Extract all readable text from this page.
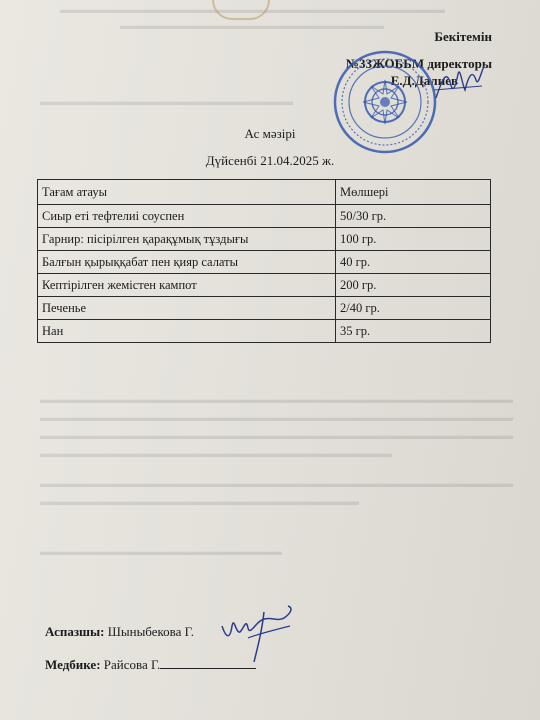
▬▬▬▬▬▬▬▬▬▬▬▬▬▬▬▬▬▬▬▬▬▬▬▬▬▬▬▬▬▬▬▬▬▬▬
▬▬▬▬▬▬▬▬▬▬▬▬▬▬▬▬▬▬▬▬▬▬▬▬
▬▬▬▬▬▬▬▬▬▬▬▬▬▬▬▬▬▬▬▬▬▬▬
▬▬▬▬▬▬▬▬▬▬▬▬▬▬▬▬▬▬▬▬▬▬▬▬▬▬▬▬▬▬▬▬▬▬▬▬▬▬▬▬▬▬▬
▬▬▬▬▬▬▬▬▬▬▬▬▬▬▬▬▬▬▬▬▬▬▬▬▬▬▬▬▬▬▬▬▬▬▬▬▬▬▬▬▬▬▬
▬▬▬▬▬▬▬▬▬▬▬▬▬▬▬▬▬▬▬▬▬▬▬▬▬▬▬▬▬▬▬▬▬▬▬▬▬▬▬▬▬▬▬
▬▬▬▬▬▬▬▬▬▬▬▬▬▬▬▬▬▬▬▬▬▬▬▬▬▬▬▬▬▬▬▬
▬▬▬▬▬▬▬▬▬▬▬▬▬▬▬▬▬▬▬▬▬▬▬▬▬▬▬▬▬▬▬▬▬▬▬▬▬▬▬▬▬▬▬
▬▬▬▬▬▬▬▬▬▬▬▬▬▬▬▬▬▬▬▬▬▬▬▬▬▬▬▬▬
▬▬▬▬▬▬▬▬▬▬▬▬▬▬▬▬▬▬▬▬▬▬
Бекітемін
№33ЖОББМ директоры
Е.Д.Далиев
Ас мәзірі
Дүйсенбі 21.04.2025 ж.
Тағам атауы	Мөлшері
Сиыр еті тефтелиі соуспен	50/30 гр.
Гарнир: пісірілген қарақұмық тұздығы	100 гр.
Балғын қырыққабат пен қияр салаты	40 гр.
Кептірілген жемістен кампот	200 гр.
Печенье	2/40 гр.
Нан	35 гр.
Аспазшы: Шыныбекова Г.
Медбике: Райсова Г.
